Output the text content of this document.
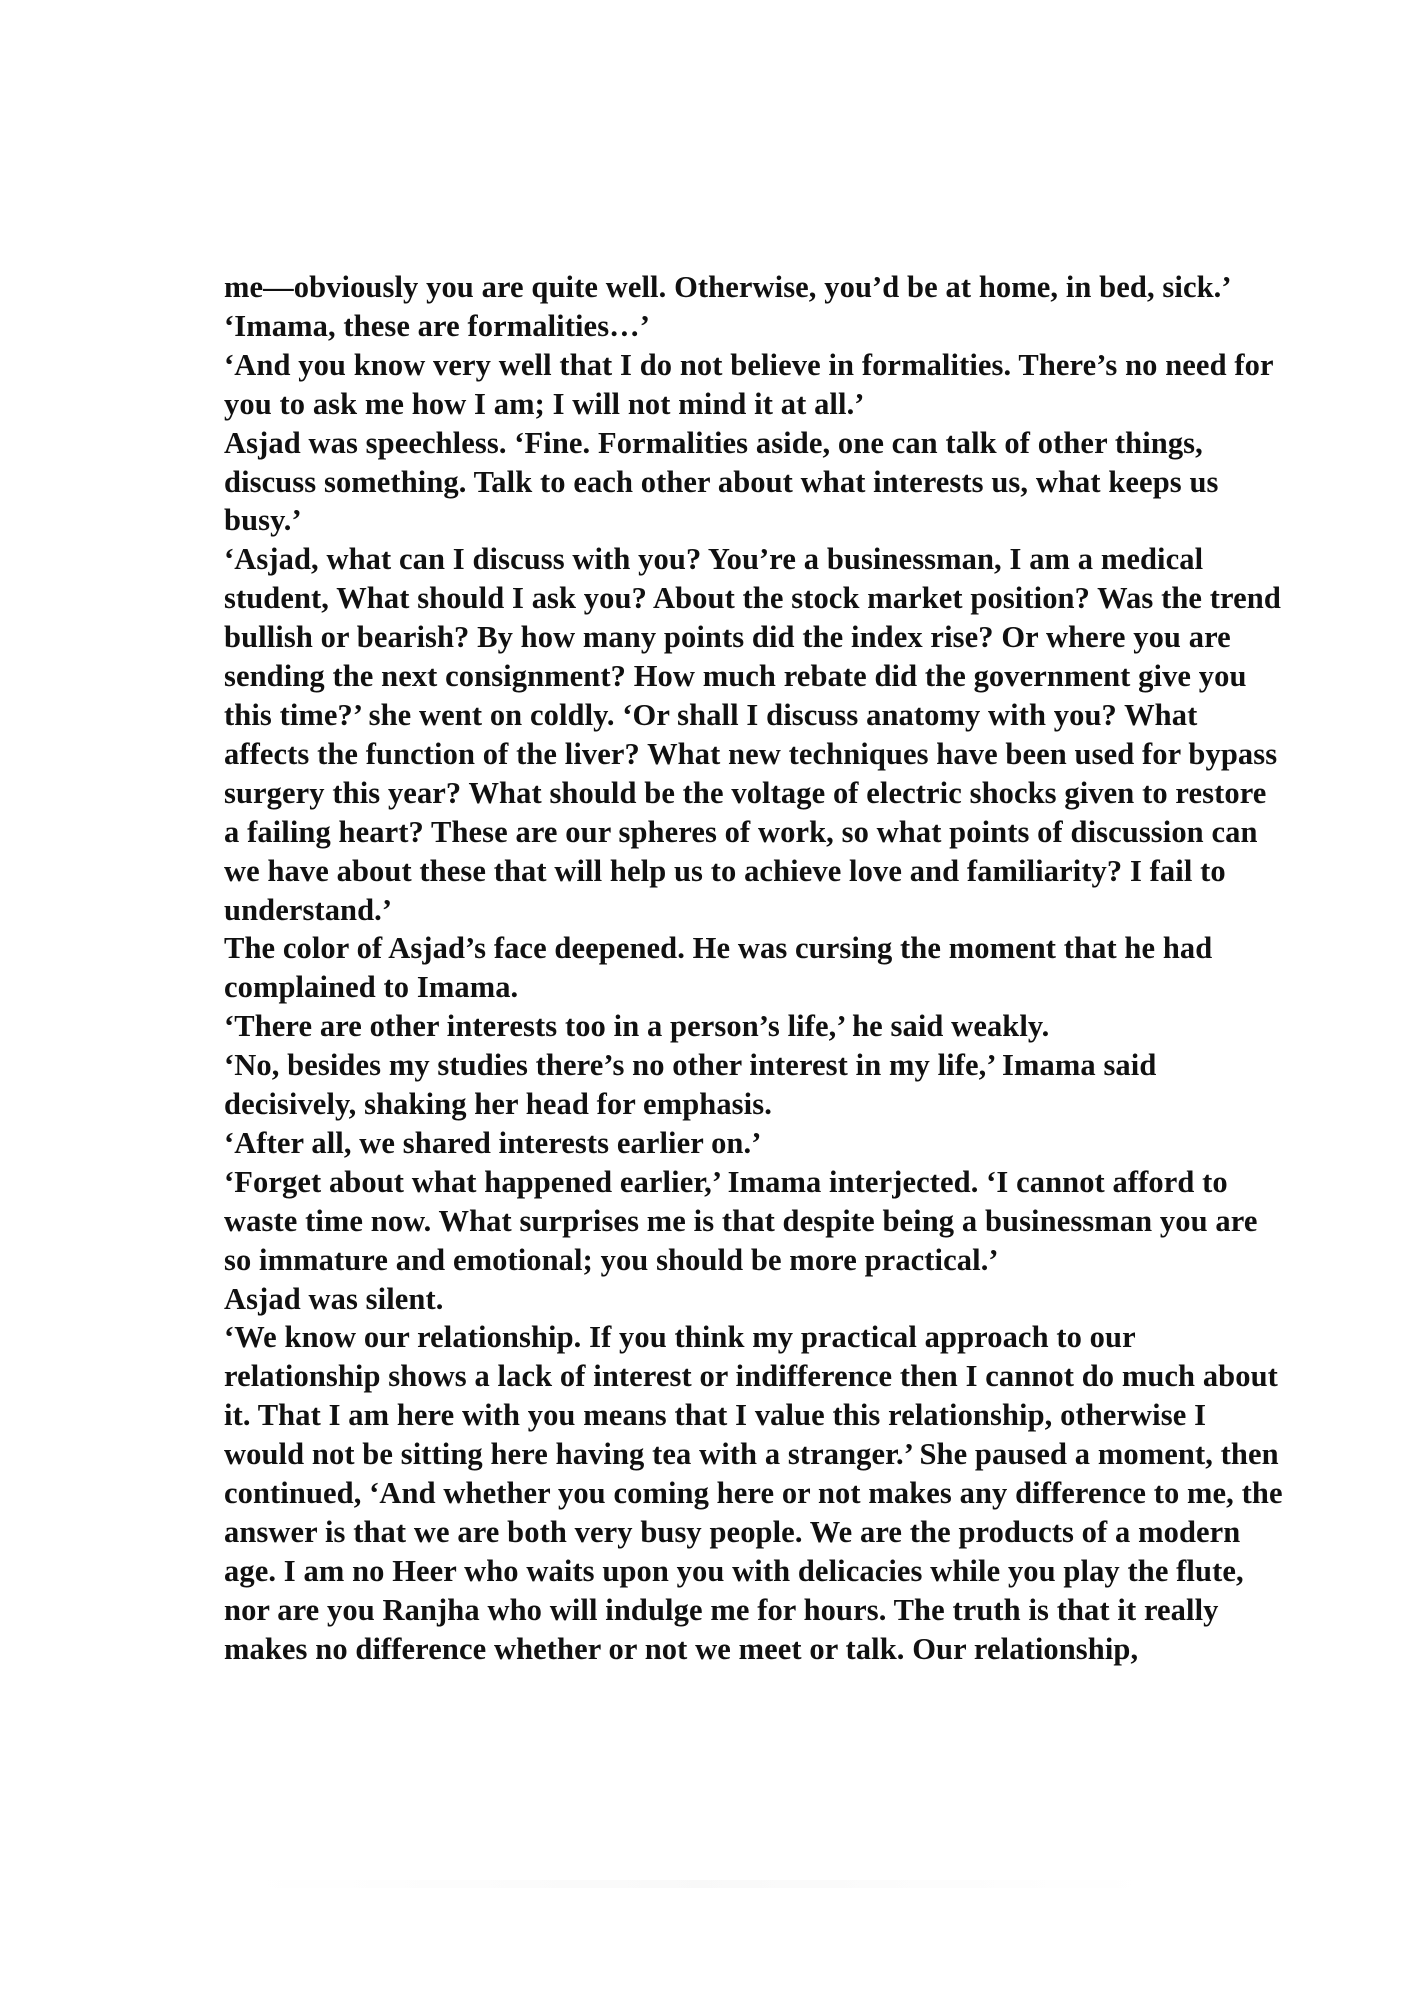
me—obviously you are quite well. Otherwise, you’d be at home, in bed, sick.’

‘Imama, these are formalities…’

‘And you know very well that I do not believe in formalities. There’s no need for you to ask me how I am; I will not mind it at all.’

Asjad was speechless. ‘Fine. Formalities aside, one can talk of other things, discuss something. Talk to each other about what interests us, what keeps us busy.’

‘Asjad, what can I discuss with you? You’re a businessman, I am a medical student, What should I ask you? About the stock market position? Was the trend bullish or bearish? By how many points did the index rise? Or where you are sending the next consignment? How much rebate did the government give you this time?’ she went on coldly. ‘Or shall I discuss anatomy with you? What affects the function of the liver? What new techniques have been used for bypass surgery this year? What should be the voltage of electric shocks given to restore a failing heart? These are our spheres of work, so what points of discussion can we have about these that will help us to achieve love and familiarity? I fail to understand.’

The color of Asjad’s face deepened. He was cursing the moment that he had complained to Imama.

‘There are other interests too in a person’s life,’ he said weakly.

‘No, besides my studies there’s no other interest in my life,’ Imama said decisively, shaking her head for emphasis.

‘After all, we shared interests earlier on.’

‘Forget about what happened earlier,’ Imama interjected. ‘I cannot afford to waste time now. What surprises me is that despite being a businessman you are so immature and emotional; you should be more practical.’

Asjad was silent.

‘We know our relationship. If you think my practical approach to our relationship shows a lack of interest or indifference then I cannot do much about it. That I am here with you means that I value this relationship, otherwise I would not be sitting here having tea with a stranger.’ She paused a moment, then continued, ‘And whether you coming here or not makes any difference to me, the answer is that we are both very busy people. We are the products of a modern age. I am no Heer who waits upon you with delicacies while you play the flute, nor are you Ranjha who will indulge me for hours. The truth is that it really makes no difference whether or not we meet or talk. Our relationship,
